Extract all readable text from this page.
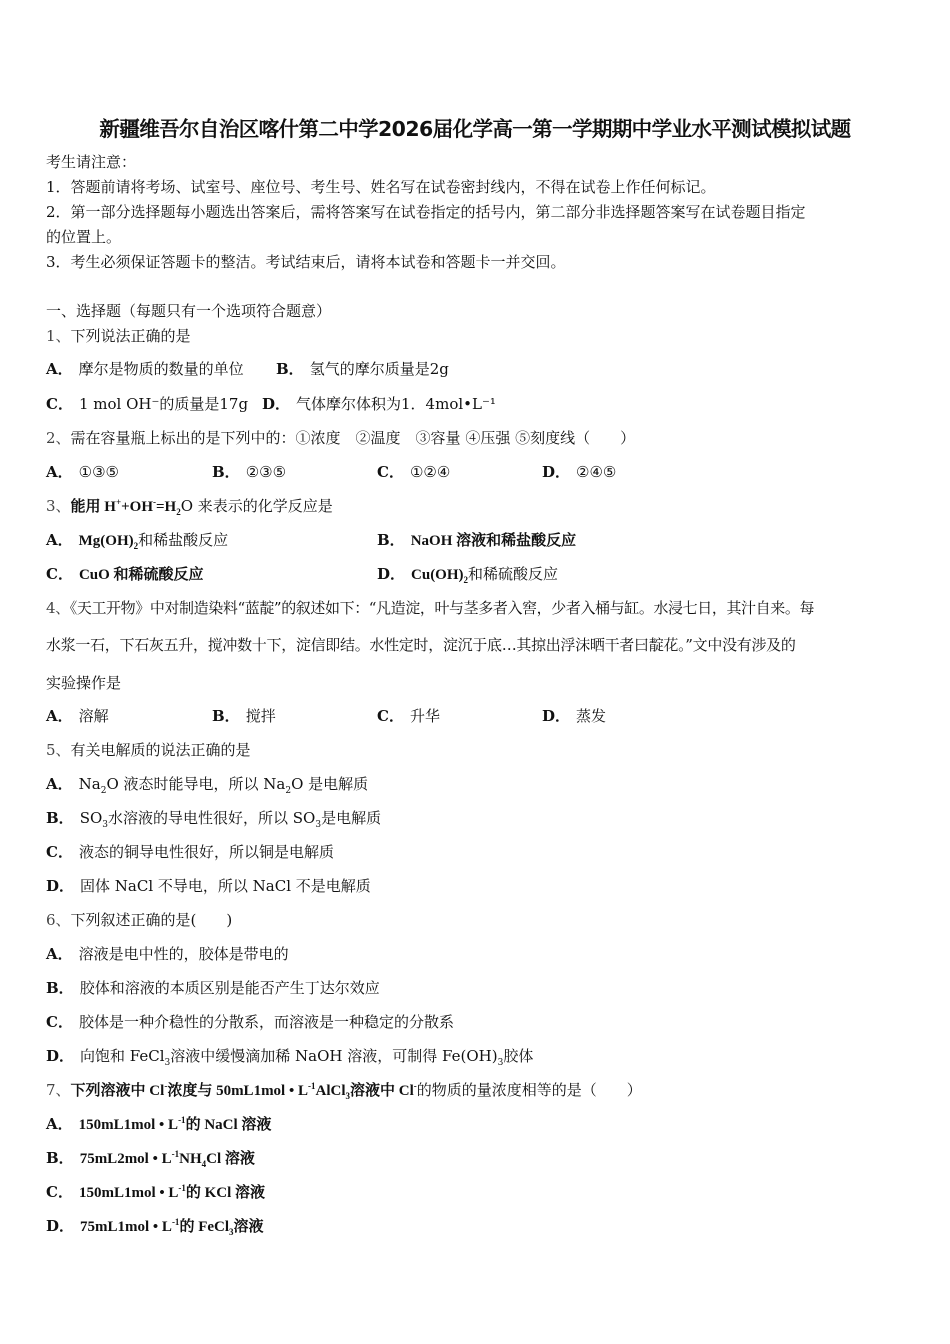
新疆维吾尔自治区喀什第二中学2026届化学高一第一学期期中学业水平测试模拟试题
考生请注意：
1．答题前请将考场、试室号、座位号、考生号、姓名写在试卷密封线内，不得在试卷上作任何标记。
2．第一部分选择题每小题选出答案后，需将答案写在试卷指定的括号内，第二部分非选择题答案写在试卷题目指定
的位置上。
3．考生必须保证答题卡的整洁。考试结束后，请将本试卷和答题卡一并交回。
一、选择题（每题只有一个选项符合题意）
1、下列说法正确的是
A． 摩尔是物质的数量的单位 B． 氢气的摩尔质量是2g
C． 1 mol OH⁻的质量是17g D． 气体摩尔体积为1．4mol•L⁻¹
2、需在容量瓶上标出的是下列中的：①浓度　②温度　③容量 ④压强 ⑤刻度线（　　）
A． ①③⑤	B． ②③⑤	C． ①②④	D． ②④⑤
3、能用 $H^++OH^-=H_2O$ 来表示的化学反应是
A． $Mg(OH)_2$和稀盐酸反应	B． NaOH 溶液和稀盐酸反应
C． CuO 和稀硫酸反应	D． $Cu(OH)_2$和稀硫酸反应
4、《天工开物》中对制造染料“蓝靛”的叙述如下：“凡造淀，叶与茎多者入窖，少者入桶与缸。水浸七日，其汁自来。每
水浆一石，下石灰五升，搅冲数十下，淀信即结。水性定时，淀沉于底…其掠出浮沫晒干者曰靛花。”文中没有涉及的
实验操作是
A． 溶解	B． 搅拌	C． 升华	D． 蒸发
5、有关电解质的说法正确的是
A． $Na_2O$ 液态时能导电，所以 $Na_2O$ 是电解质
B． $SO_3$水溶液的导电性很好，所以 $SO_3$是电解质
C． 液态的铜导电性很好，所以铜是电解质
D． 固体 NaCl 不导电，所以 NaCl 不是电解质
6、下列叙述正确的是(　　)
A． 溶液是电中性的，胶体是带电的
B． 胶体和溶液的本质区别是能否产生丁达尔效应
C． 胶体是一种介稳性的分散系，而溶液是一种稳定的分散系
D． 向饱和 FeCl$_3$溶液中缓慢滴加稀 NaOH 溶液，可制得 $Fe(OH)_3$胶体
7、下列溶液中 Cl-浓度与 50mL1mol • $L^{-1}AlCl_3$溶液中 Cl-的物质的量浓度相等的是（　　）
A． 150mL1mol • $L^{-1}$的 NaCl 溶液
B． 75mL2mol • $L^{-1}NH_4Cl$ 溶液
C． 150mL1mol • $L^{-1}$的 KCl 溶液
D． 75mL1mol • $L^{-1}$的 FeCl$_3$溶液
